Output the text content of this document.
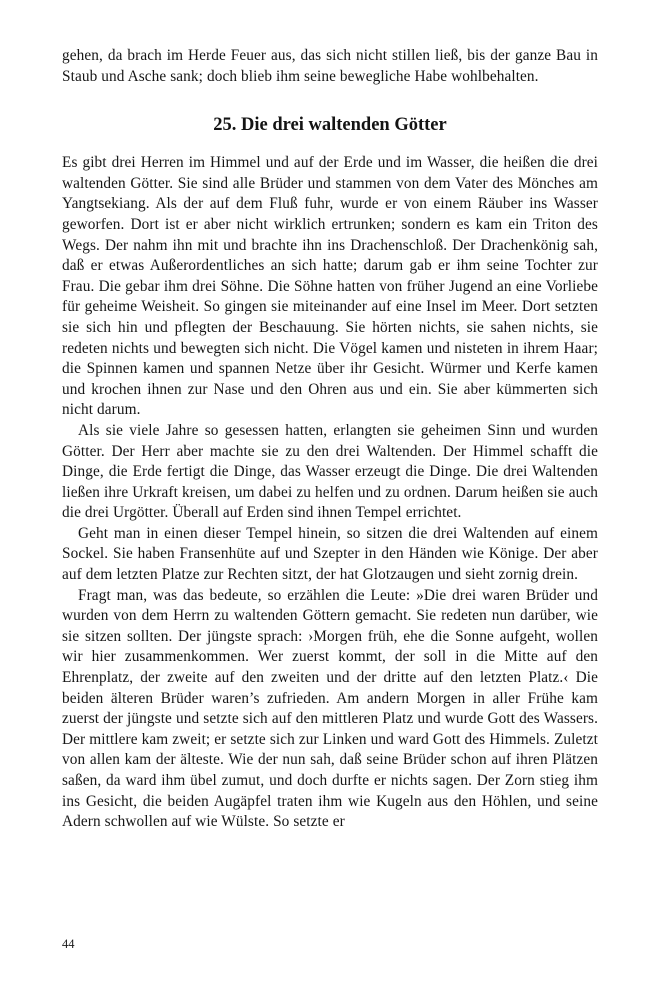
gehen, da brach im Herde Feuer aus, das sich nicht stillen ließ, bis der ganze Bau in Staub und Asche sank; doch blieb ihm seine bewegliche Habe wohlbehalten.

25. Die drei waltenden Götter

Es gibt drei Herren im Himmel und auf der Erde und im Wasser, die heißen die drei waltenden Götter. Sie sind alle Brüder und stammen von dem Vater des Mönches am Yangtsekiang. Als der auf dem Fluß fuhr, wurde er von einem Räuber ins Wasser geworfen. Dort ist er aber nicht wirklich ertrunken; sondern es kam ein Triton des Wegs. Der nahm ihn mit und brachte ihn ins Drachenschloß. Der Drachenkönig sah, daß er etwas Außerordentliches an sich hatte; darum gab er ihm seine Tochter zur Frau. Die gebar ihm drei Söhne. Die Söhne hatten von früher Jugend an eine Vorliebe für geheime Weisheit. So gingen sie miteinander auf eine Insel im Meer. Dort setzten sie sich hin und pflegten der Beschauung. Sie hörten nichts, sie sahen nichts, sie redeten nichts und bewegten sich nicht. Die Vögel kamen und nisteten in ihrem Haar; die Spinnen kamen und spannen Netze über ihr Gesicht. Würmer und Kerfe kamen und krochen ihnen zur Nase und den Ohren aus und ein. Sie aber kümmerten sich nicht darum.

Als sie viele Jahre so gesessen hatten, erlangten sie geheimen Sinn und wurden Götter. Der Herr aber machte sie zu den drei Waltenden. Der Himmel schafft die Dinge, die Erde fertigt die Dinge, das Wasser erzeugt die Dinge. Die drei Waltenden ließen ihre Urkraft kreisen, um dabei zu helfen und zu ordnen. Darum heißen sie auch die drei Urgötter. Überall auf Erden sind ihnen Tempel errichtet.

Geht man in einen dieser Tempel hinein, so sitzen die drei Waltenden auf einem Sockel. Sie haben Fransenhüte auf und Szepter in den Händen wie Könige. Der aber auf dem letzten Platze zur Rechten sitzt, der hat Glotzaugen und sieht zornig drein.

Fragt man, was das bedeute, so erzählen die Leute: »Die drei waren Brüder und wurden von dem Herrn zu waltenden Göttern gemacht. Sie redeten nun darüber, wie sie sitzen sollten. Der jüngste sprach: ›Morgen früh, ehe die Sonne aufgeht, wollen wir hier zusammenkommen. Wer zuerst kommt, der soll in die Mitte auf den Ehrenplatz, der zweite auf den zweiten und der dritte auf den letzten Platz.‹ Die beiden älteren Brüder waren’s zufrieden. Am andern Morgen in aller Frühe kam zuerst der jüngste und setzte sich auf den mittleren Platz und wurde Gott des Wassers. Der mittlere kam zweit; er setzte sich zur Linken und ward Gott des Himmels. Zuletzt von allen kam der älteste. Wie der nun sah, daß seine Brüder schon auf ihren Plätzen saßen, da ward ihm übel zumut, und doch durfte er nichts sagen. Der Zorn stieg ihm ins Gesicht, die beiden Augäpfel traten ihm wie Kugeln aus den Höhlen, und seine Adern schwollen auf wie Wülste. So setzte er

44
